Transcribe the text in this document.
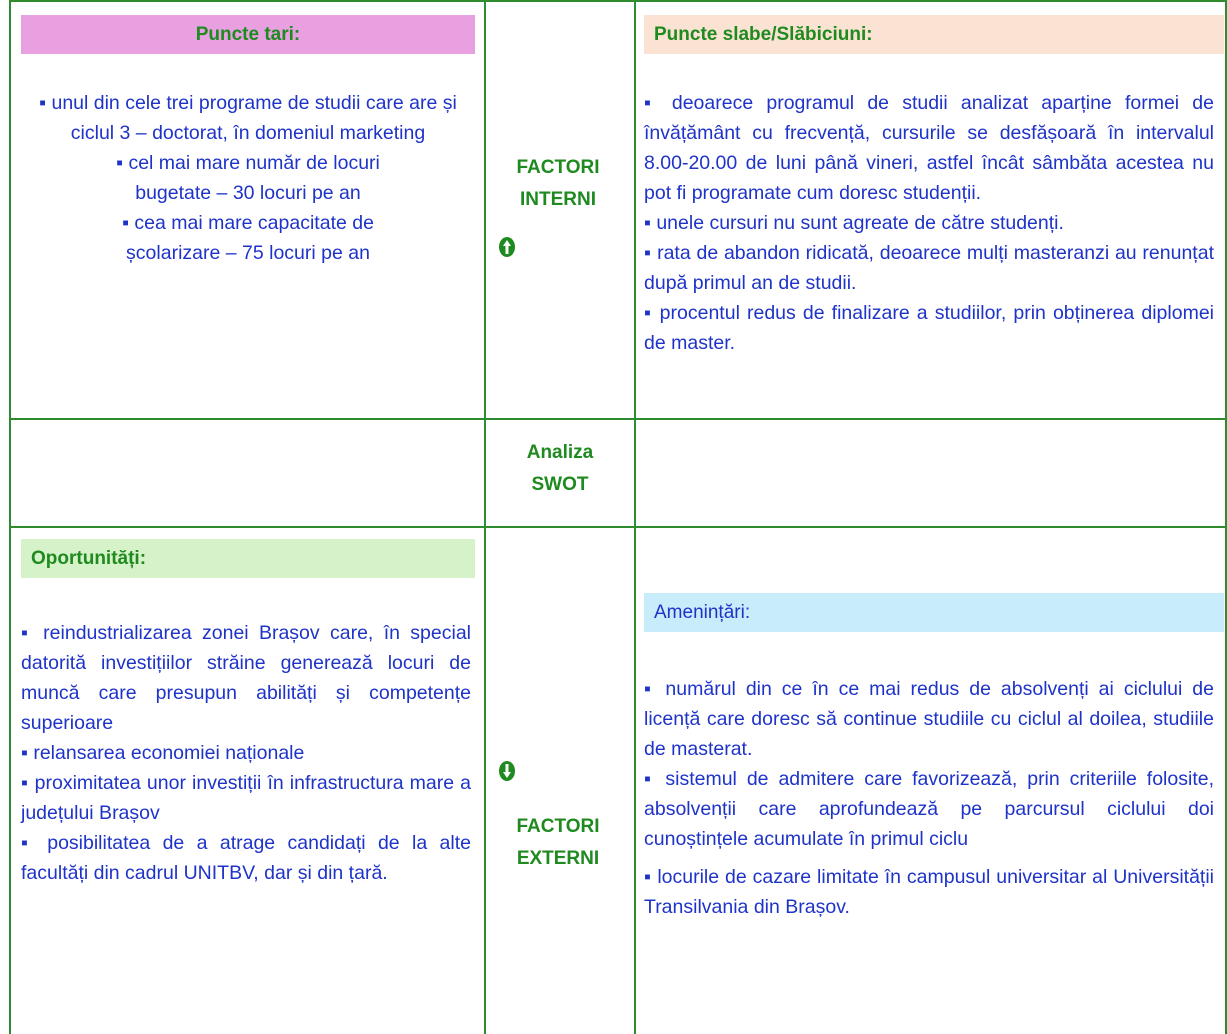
Puncte tari:
▪ unul din cele trei programe de studii care are și ciclul 3 – doctorat, în domeniul marketing
▪ cel mai mare număr de locuri bugetate – 30 locuri pe an
▪ cea mai mare capacitate de școlarizare – 75 locuri pe an
Puncte slabe/Slăbiciuni:
▪ deoarece programul de studii analizat aparține formei de învățământ cu frecvență, cursurile se desfășoară în intervalul 8.00-20.00 de luni până vineri, astfel încât sâmbăta acestea nu pot fi programate cum doresc studenții.
▪ unele cursuri nu sunt agreate de către studenți.
▪ rata de abandon ridicată, deoarece mulți masteranzi au renunțat după primul an de studii.
▪ procentul redus de finalizare a studiilor, prin obținerea diplomei de master.
FACTORI INTERNI
Analiza SWOT
FACTORI EXTERNI
Oportunități:
▪ reindustrializarea zonei Brașov care, în special datorită investițiilor străine generează locuri de muncă care presupun abilități și competențe superioare
▪ relansarea economiei naționale
▪ proximitatea unor investiții în infrastructura mare a județului Brașov
▪ posibilitatea de a atrage candidați de la alte facultăți din cadrul UNITBV, dar și din țară.
Amenințări:
▪ numărul din ce în ce mai redus de absolvenți ai ciclului de licență care doresc să continue studiile cu ciclul al doilea, studiile de masterat.
▪ sistemul de admitere care favorizează, prin criteriile folosite, absolvenții care aprofundează pe parcursul ciclului doi cunoștințele acumulate în primul ciclu
▪ locurile de cazare limitate în campusul universitar al Universității Transilvania din Brașov.
